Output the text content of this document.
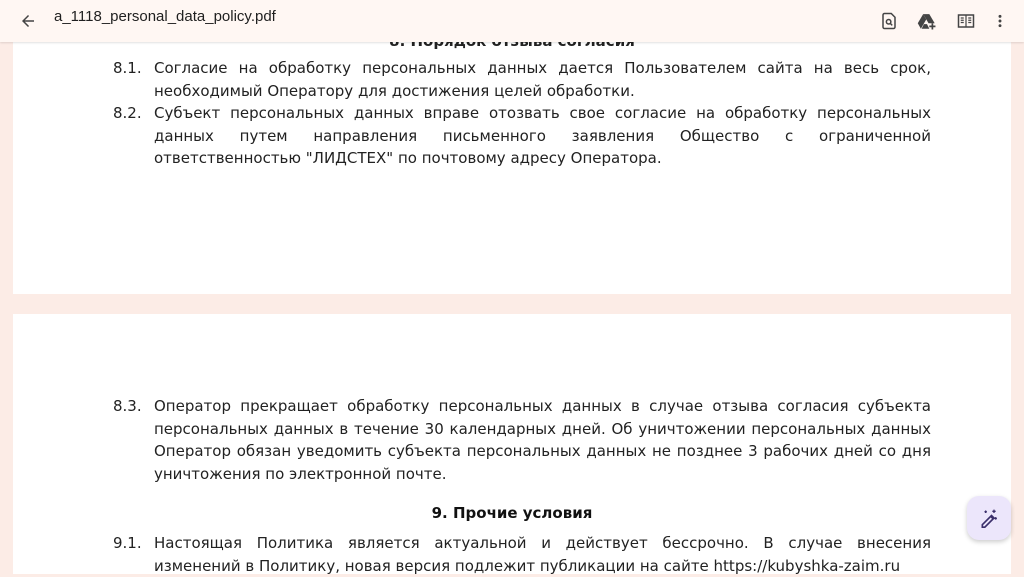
a_1118_personal_data_policy.pdf
8.1. Согласие на обработку персональных данных дается Пользователем сайта на весь срок, необходимый Оператору для достижения целей обработки.
8.2. Субъект персональных данных вправе отозвать свое согласие на обработку персональных данных путем направления письменного заявления Общество с ограниченной ответственностью "ЛИДСТЕХ" по почтовому адресу Оператора.
8.3. Оператор прекращает обработку персональных данных в случае отзыва согласия субъекта персональных данных в течение 30 календарных дней. Об уничтожении персональных данных Оператор обязан уведомить субъекта персональных данных не позднее 3 рабочих дней со дня уничтожения по электронной почте.
9. Прочие условия
9.1. Настоящая Политика является актуальной и действует бессрочно. В случае внесения изменений в Политику, новая версия подлежит публикации на сайте https://kubyshka-zaim.ru
